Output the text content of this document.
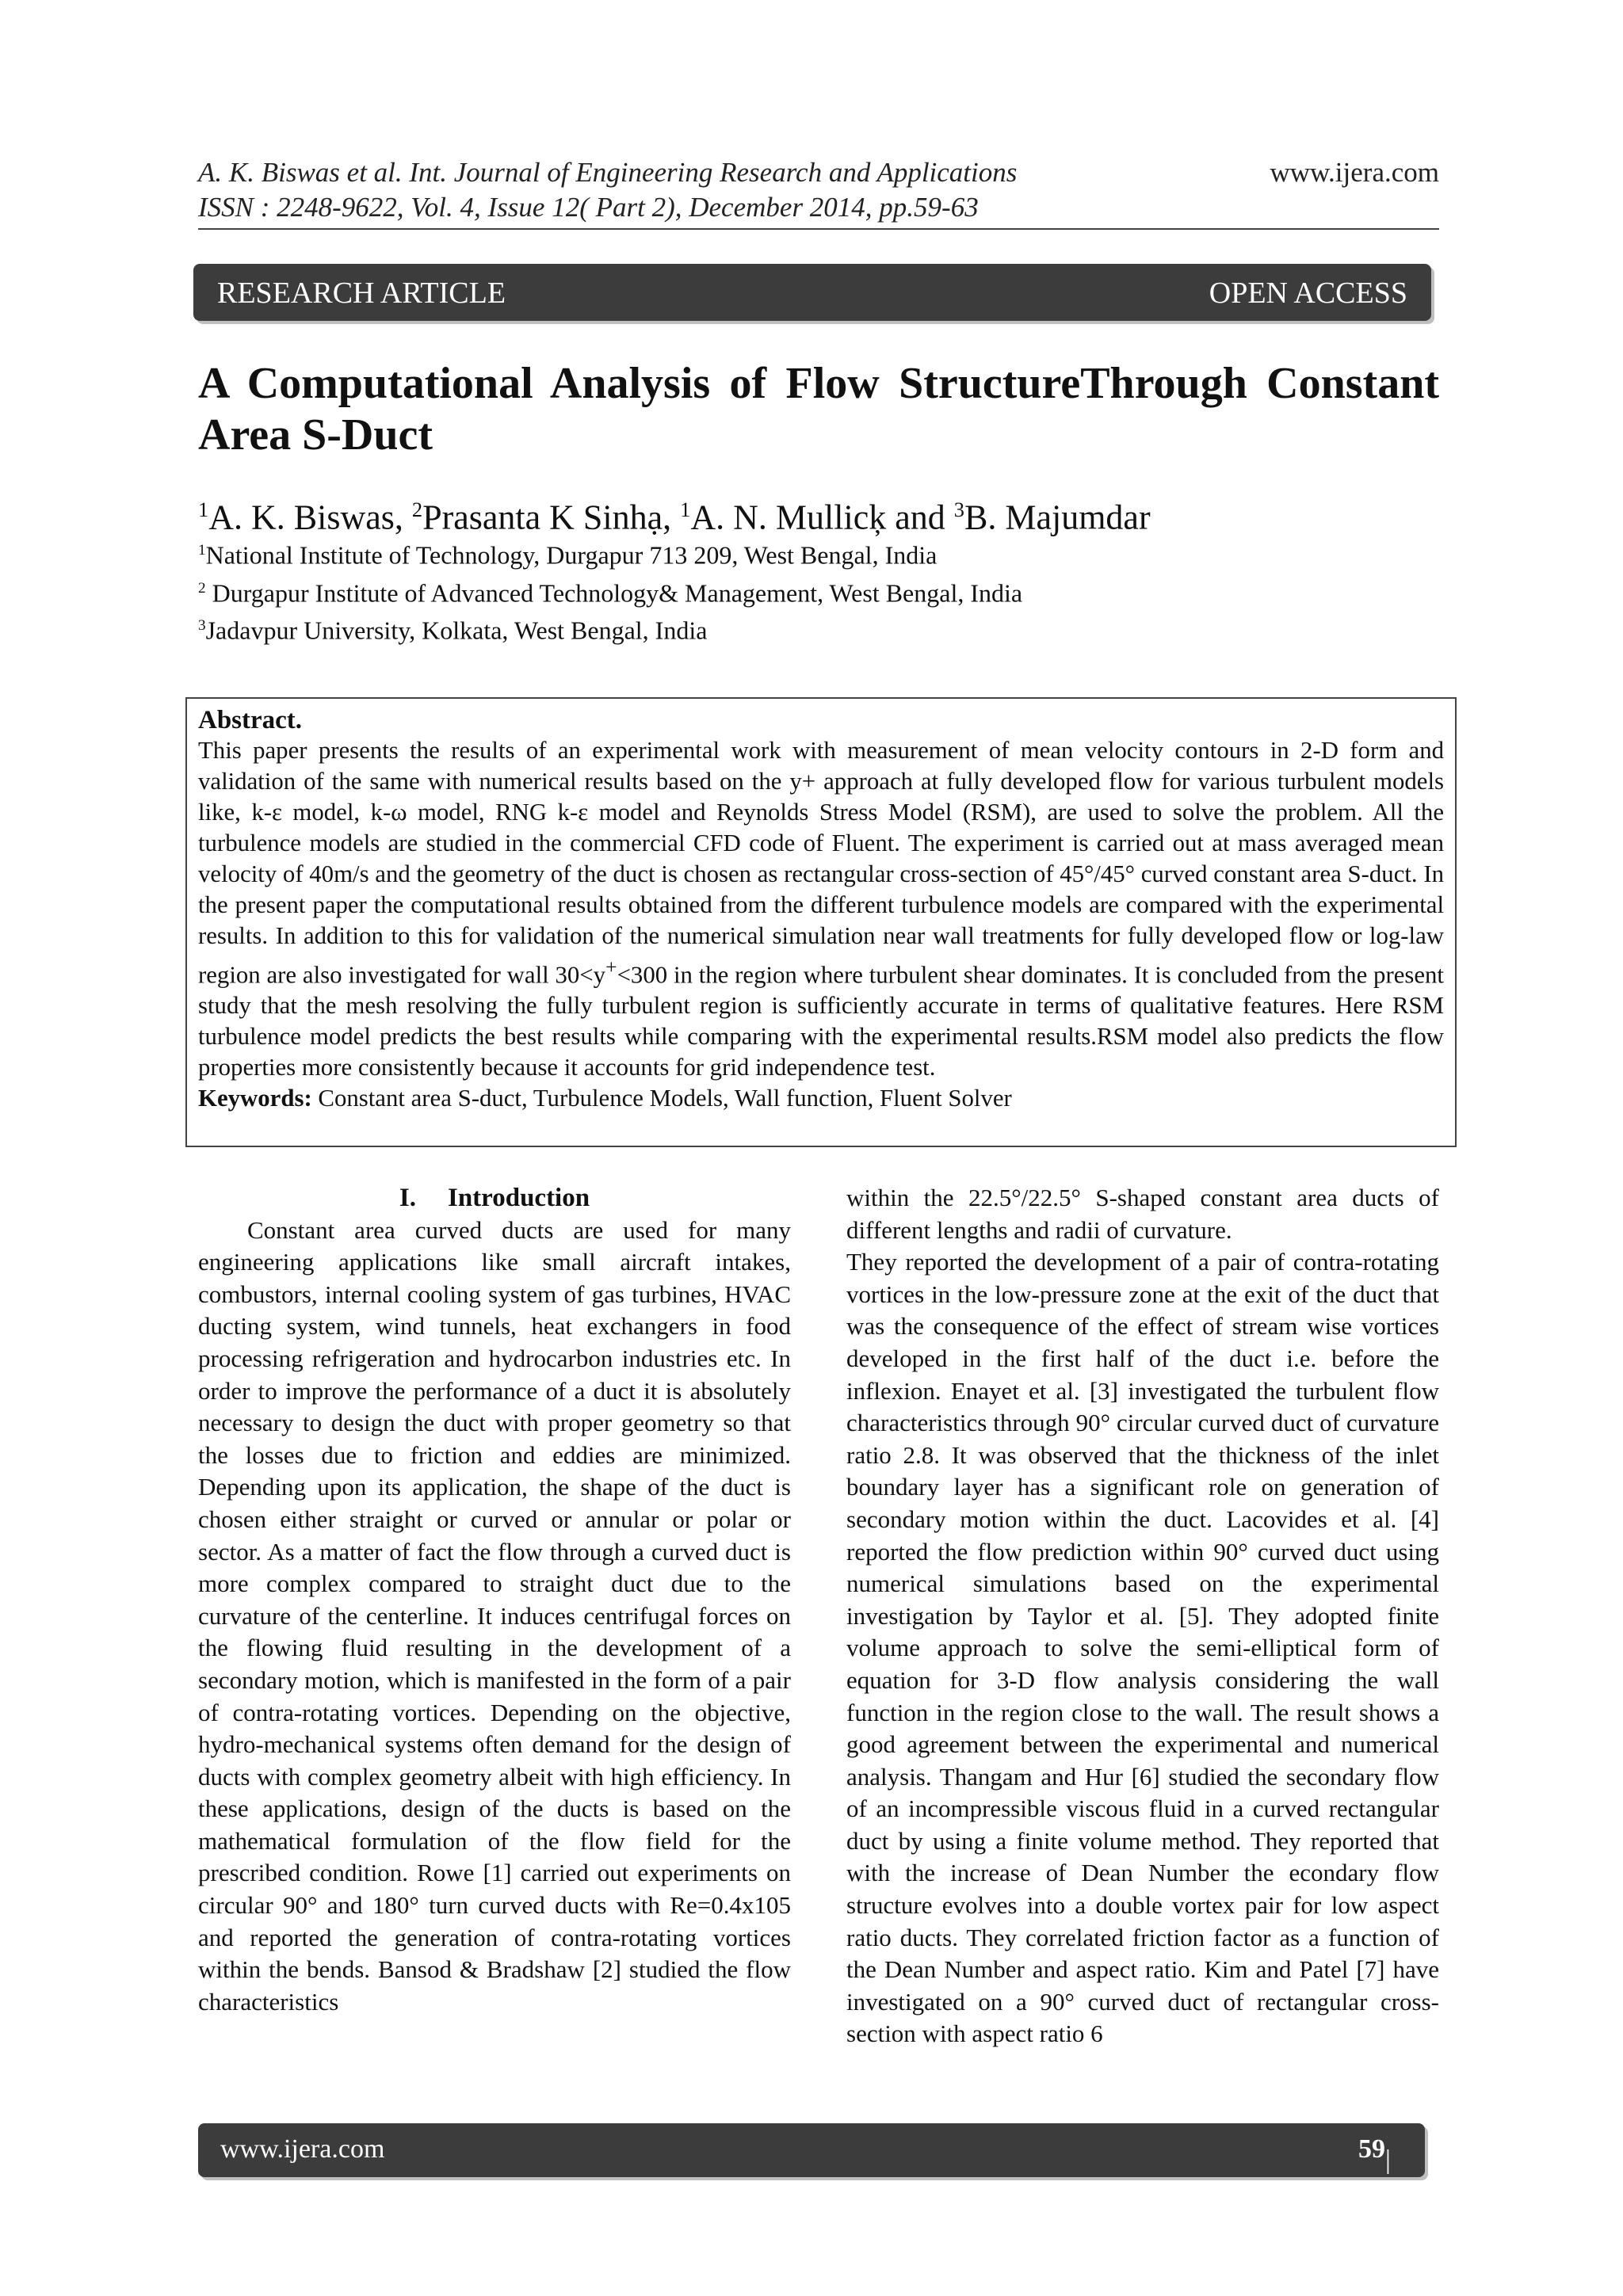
A. K. Biswas et al. Int. Journal of Engineering Research and Applications
ISSN : 2248-9622, Vol. 4, Issue 12( Part 2), December 2014, pp.59-63
www.ijera.com
RESEARCH ARTICLE	OPEN ACCESS
A Computational Analysis of Flow StructureThrough Constant Area S-Duct
$^1$A. K. Biswas, $^2$Prasanta K Sinhạ, $^1$A. N. Mullicķ and $^3$B. Majumdar
$^1$National Institute of Technology, Durgapur 713 209, West Bengal, India
$^2$ Durgapur Institute of Advanced Technology& Management, West Bengal, India
$^3$Jadavpur University, Kolkata, West Bengal, India
Abstract.

This paper presents the results of an experimental work with measurement of mean velocity contours in 2-D form and validation of the same with numerical results based on the y+ approach at fully developed flow for various turbulent models like, k-ε model, k-ω model, RNG k-ε model and Reynolds Stress Model (RSM), are used to solve the problem. All the turbulence models are studied in the commercial CFD code of Fluent. The experiment is carried out at mass averaged mean velocity of 40m/s and the geometry of the duct is chosen as rectangular cross-section of 45°/45° curved constant area S-duct. In the present paper the computational results obtained from the different turbulence models are compared with the experimental results. In addition to this for validation of the numerical simulation near wall treatments for fully developed flow or log-law region are also investigated for wall 30<y+<300 in the region where turbulent shear dominates. It is concluded from the present study that the mesh resolving the fully turbulent region is sufficiently accurate in terms of qualitative features. Here RSM turbulence model predicts the best results while comparing with the experimental results.RSM model also predicts the flow properties more consistently because it accounts for grid independence test.

Keywords: Constant area S-duct, Turbulence Models, Wall function, Fluent Solver
I. Introduction

Constant area curved ducts are used for many engineering applications like small aircraft intakes, combustors, internal cooling system of gas turbines, HVAC ducting system, wind tunnels, heat exchangers in food processing refrigeration and hydrocarbon industries etc. In order to improve the performance of a duct it is absolutely necessary to design the duct with proper geometry so that the losses due to friction and eddies are minimized. Depending upon its application, the shape of the duct is chosen either straight or curved or annular or polar or sector. As a matter of fact the flow through a curved duct is more complex compared to straight duct due to the curvature of the centerline. It induces centrifugal forces on the flowing fluid resulting in the development of a secondary motion, which is manifested in the form of a pair of contra-rotating vortices. Depending on the objective, hydro-mechanical systems often demand for the design of ducts with complex geometry albeit with high efficiency. In these applications, design of the ducts is based on the mathematical formulation of the flow field for the prescribed condition. Rowe [1] carried out experiments on circular 90° and 180° turn curved ducts with Re=0.4x105 and reported the generation of contra-rotating vortices within the bends. Bansod & Bradshaw [2] studied the flow characteristics

within the 22.5°/22.5° S-shaped constant area ducts of different lengths and radii of curvature.

They reported the development of a pair of contra-rotating vortices in the low-pressure zone at the exit of the duct that was the consequence of the effect of stream wise vortices developed in the first half of the duct i.e. before the inflexion. Enayet et al. [3] investigated the turbulent flow characteristics through 90° circular curved duct of curvature ratio 2.8. It was observed that the thickness of the inlet boundary layer has a significant role on generation of secondary motion within the duct. Lacovides et al. [4] reported the flow prediction within 90° curved duct using numerical simulations based on the experimental investigation by Taylor et al. [5]. They adopted finite volume approach to solve the semi-elliptical form of equation for 3-D flow analysis considering the wall function in the region close to the wall. The result shows a good agreement between the experimental and numerical analysis. Thangam and Hur [6] studied the secondary flow of an incompressible viscous fluid in a curved rectangular duct by using a finite volume method. They reported that with the increase of Dean Number the econdary flow structure evolves into a double vortex pair for low aspect ratio ducts. They correlated friction factor as a function of the Dean Number and aspect ratio. Kim and Patel [7] have investigated on a 90° curved duct of rectangular cross-section with aspect ratio 6

www.ijera.com	59 | P a g e
